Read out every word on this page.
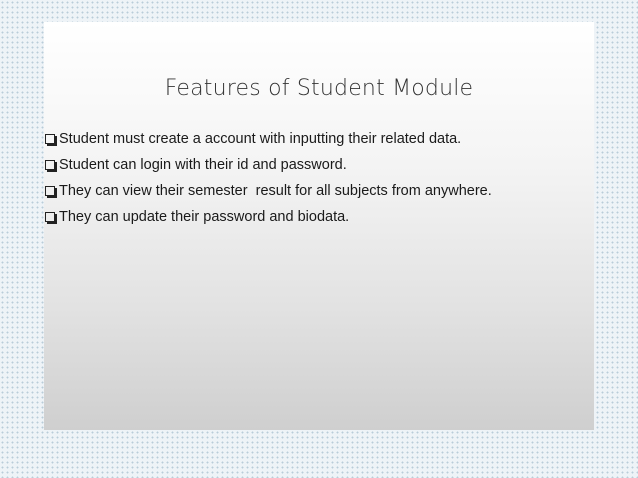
Features of Student Module
Student must create a account with inputting their related data.
Student can login with their id and password.
They can view their semester  result for all subjects from anywhere.
They can update their password and biodata.
